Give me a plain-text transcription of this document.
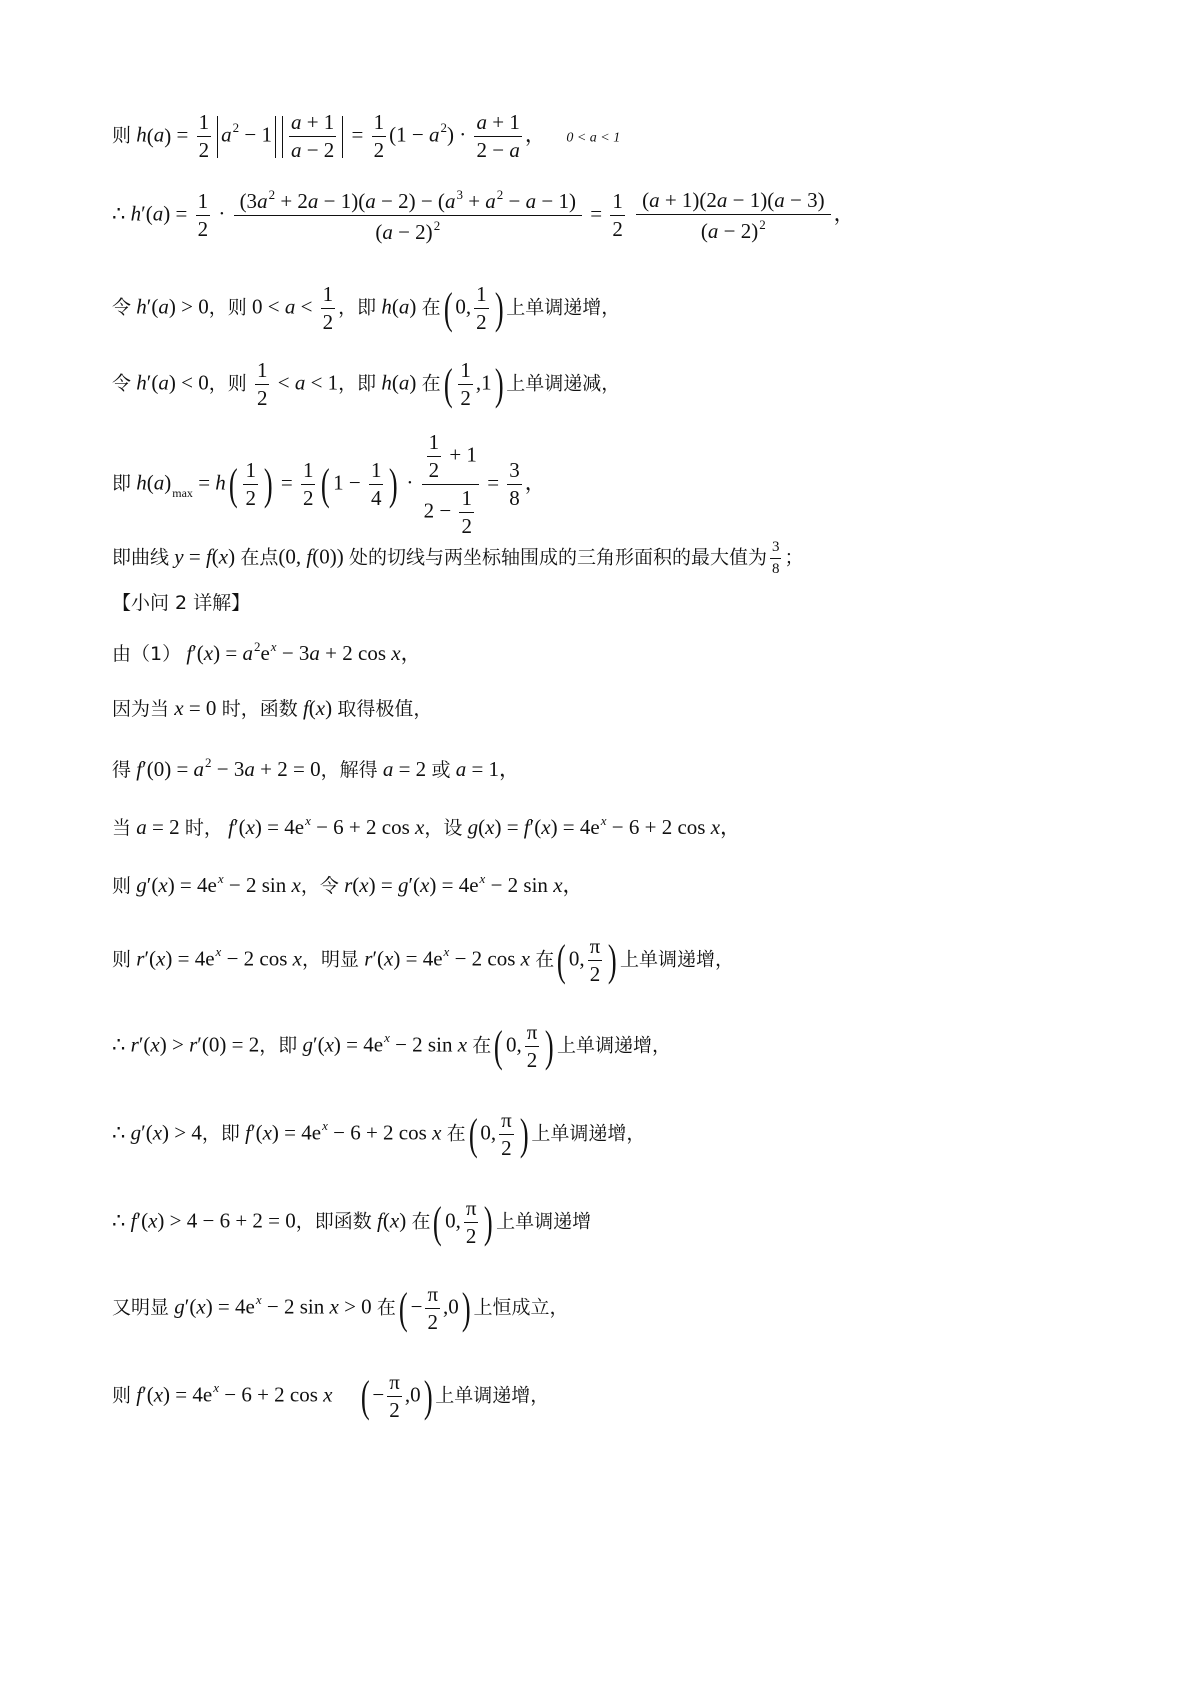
则 $h(a) = \frac{1}{2} a^2 - 1 \frac{a + 1}{a - 2} = \frac{1}{2} (1 - a^2) \cdot \frac{a + 1}{2 - a}$ ，  0 < a < 1
∴ $h'(a) = \frac{1}{2} \cdot \frac{(3a^2 + 2a - 1)(a - 2) - (a^3 + a^2 - a - 1)}{(a - 2)^2} = \frac{1}{2}$
$\frac{(a + 1)(2a - 1)(a - 3)}{(a - 2)^2}$ ，
令 h′(a) > 0，则 $0 < a < \frac{1}{2}$ ，即 h(a) 在( 0, $\frac{1}{2}$ ) 上单调递增，
令 h′(a) < 0，则 $\frac{1}{2} < a < 1$，即 h(a) 在( $\frac{1}{2} ,1$) 上单调递减，
即 $h(a)_{max} = h( \frac{1}{2}$ ) = $\frac{1}{2}$ ( $1 - \frac{1}{4}$ ) · $\frac{\frac{1}{2} + 1}{2 - \frac{1}{2}} = \frac{3}{8}$ ，
即曲线 y = f(x) 在点(0, f(0)) 处的切线与两坐标轴围成的三角形面积的最大值为 $\frac{3}{8}$ ；
【小问 2 详解】
由（1） $f'(x) = a^2e^x - 3a + 2$ cos x，
因为当 x = 0 时，函数 f(x) 取得极值，
得 $f'(0) = a^2 - 3a + 2 = 0$，解得 a = 2 或 a = 1，
当 a = 2 时， $f'(x) = 4e^x - 6 + 2$ cos x，设 $g(x) = f'(x) = 4e^x - 6 + 2$ cos x，
则 $g'(x) = 4e^x - 2$ sin x，令 $r(x) = g'(x) = 4e^x - 2$ sin x，
则 $r'(x) = 4e^x - 2$ cos x，明显 $r'(x) = 4e^x - 2$ cos x 在( 0, $\frac{\pi}{2}$ ) 上单调递增，
∴ r′(x) > r′(0) = 2，即 $g'(x) = 4e^x - 2$ sin x 在( 0, $\frac{\pi}{2}$ ) 上单调递增，
∴ g′(x) > 4，即 $f'(x) = 4e^x - 6 + 2$ cos x 在( 0, $\frac{\pi}{2}$ ) 上单调递增，
∴ f′(x) > 4 − 6 + 2 = 0，即函数 f(x) 在( 0, $\frac{\pi}{2}$ ) 上单调递增
又明显 $g'(x) = 4e^x - 2$ sin x > 0 在( − $\frac{\pi}{2} ,0$) 上恒成立，
则 $f'(x) = 4e^x - 6 + 2$ cos x ( − $\frac{\pi}{2} ,0$) 上单调递增，
